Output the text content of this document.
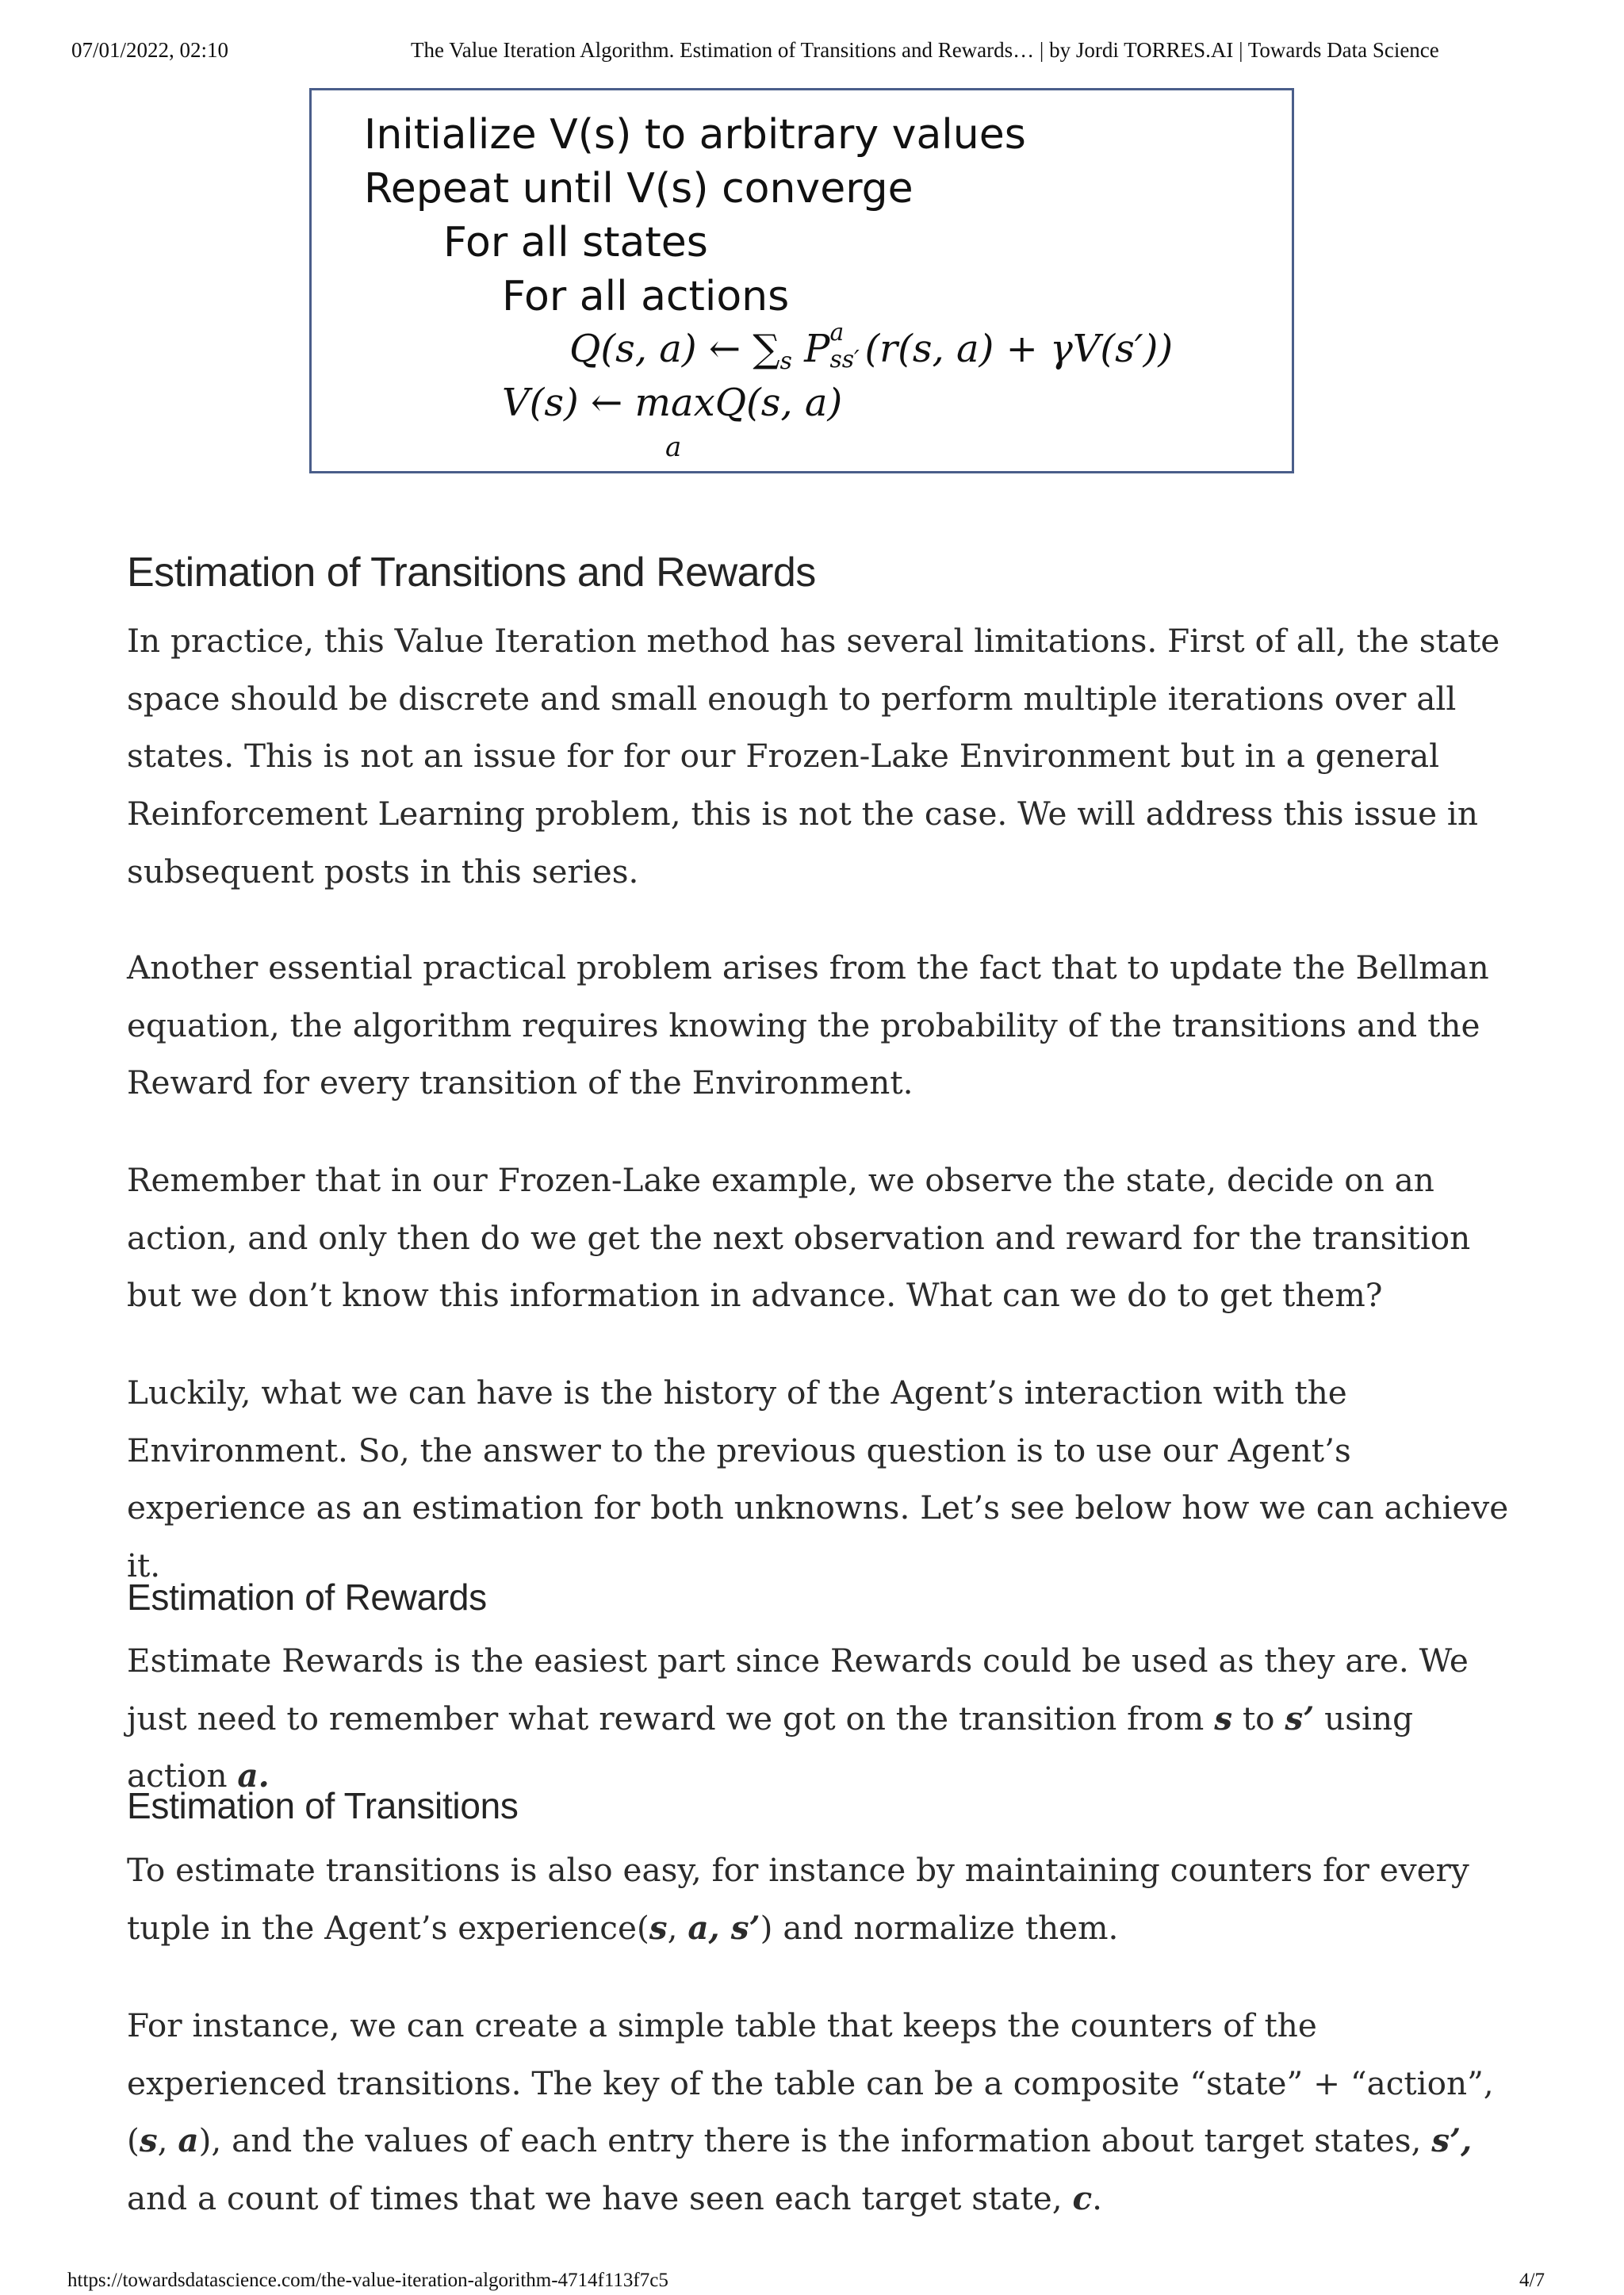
07/01/2022, 02:10	The Value Iteration Algorithm. Estimation of Transitions and Rewards… | by Jordi TORRES.AI | Towards Data Science
Initialize V(s) to arbitrary values
Repeat until V(s) converge
For all states
For all actions
Q(s, a) ← ∑s P a
ss′ (r(s, a) + γV(s′))
V(s) ← max
a
Q(s, a)
Estimation of Transitions and Rewards

In practice, this Value Iteration method has several limitations. First of all, the state space should be discrete and small enough to perform multiple iterations over all states. This is not an issue for for our Frozen-Lake Environment but in a general Reinforcement Learning problem, this is not the case. We will address this issue in subsequent posts in this series.

Another essential practical problem arises from the fact that to update the Bellman equation, the algorithm requires knowing the probability of the transitions and the Reward for every transition of the Environment.

Remember that in our Frozen-Lake example, we observe the state, decide on an action, and only then do we get the next observation and reward for the transition but we don’t know this information in advance. What can we do to get them?

Luckily, what we can have is the history of the Agent’s interaction with the Environment. So, the answer to the previous question is to use our Agent’s experience as an estimation for both unknowns. Let’s see below how we can achieve it.

Estimation of Rewards

Estimate Rewards is the easiest part since Rewards could be used as they are. We just need to remember what reward we got on the transition from s to s’ using action a.

Estimation of Transitions

To estimate transitions is also easy, for instance by maintaining counters for every tuple in the Agent’s experience(s, a, s’) and normalize them.

For instance, we can create a simple table that keeps the counters of the experienced transitions. The key of the table can be a composite “state” + “action”, (s, a), and the values of each entry there is the information about target states, s’, and a count of times that we have seen each target state, c.

https://towardsdatascience.com/the-value-iteration-algorithm-4714f113f7c5	4/7
